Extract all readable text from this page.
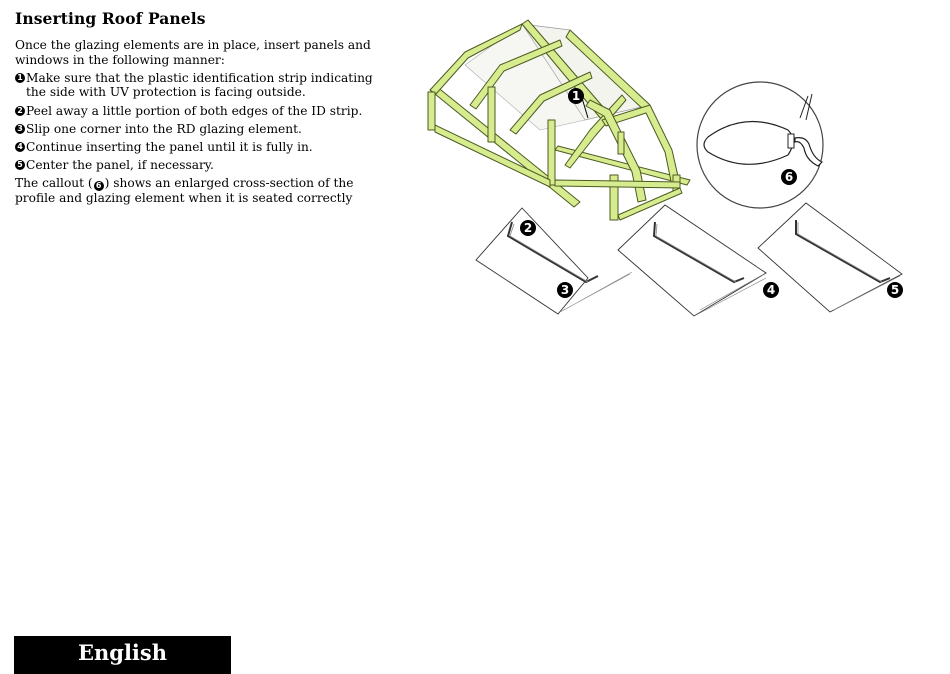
Inserting Roof Panels

Once the glazing elements are in place, insert panels and windows in the following manner:

1 Make sure that the plastic identification strip indicating the side with UV protection is facing outside.
2 Peel away a little portion of both edges of the ID strip.
3 Slip one corner into the RD glazing element.
4 Continue inserting the panel until it is fully in.
5 Center the panel, if necessary.

The callout ( 6 ) shows an enlarged cross-section of the profile and glazing element when it is seated correctly

1
6
2
3	4	5
English
